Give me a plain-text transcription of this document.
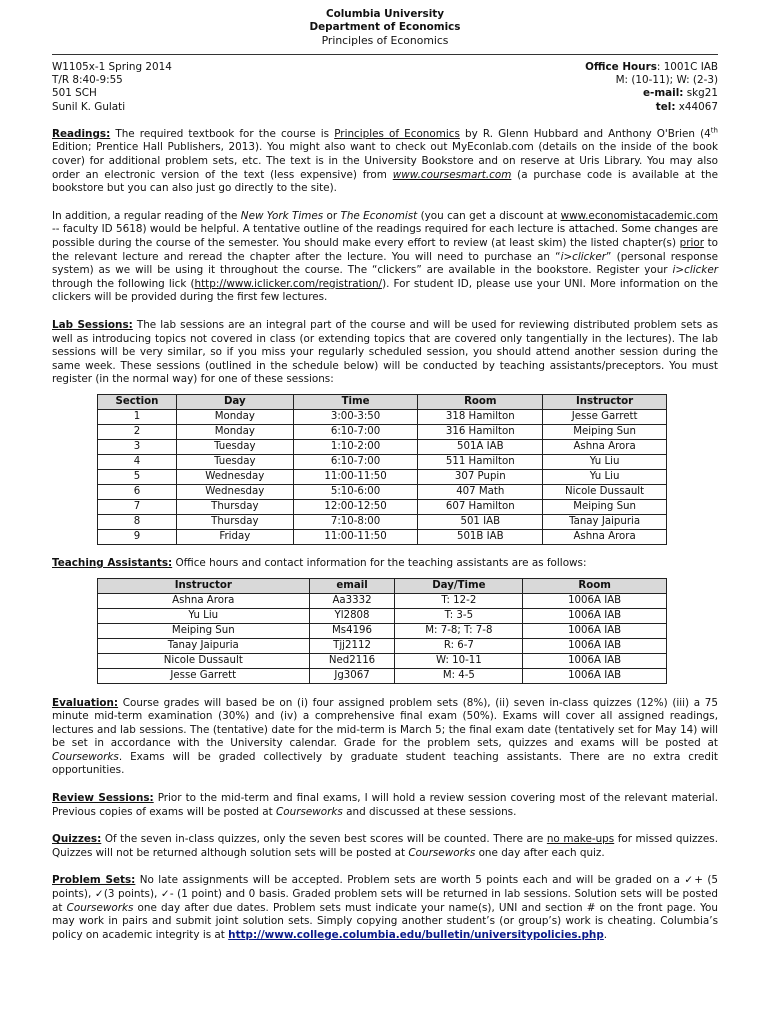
Columbia University
Department of Economics
Principles of Economics
W1105x-1 Spring 2014
T/R 8:40-9:55
501 SCH
Sunil K. Gulati
Office Hours: 1001C IAB
M: (10-11); W: (2-3)
e-mail: skg21
tel: x44067

Readings: The required textbook for the course is Principles of Economics by R. Glenn Hubbard and Anthony O'Brien (4th Edition; Prentice Hall Publishers, 2013). You might also want to check out MyEconlab.com (details on the inside of the book cover) for additional problem sets, etc. The text is in the University Bookstore and on reserve at Uris Library. You may also order an electronic version of the text (less expensive) from www.coursesmart.com (a purchase code is available at the bookstore but you can also just go directly to the site).

In addition, a regular reading of the New York Times or The Economist (you can get a discount at www.economistacademic.com -- faculty ID 5618) would be helpful. A tentative outline of the readings required for each lecture is attached. Some changes are possible during the course of the semester. You should make every effort to review (at least skim) the listed chapter(s) prior to the relevant lecture and reread the chapter after the lecture. You will need to purchase an “i>clicker” (personal response system) as we will be using it throughout the course. The “clickers” are available in the bookstore. Register your i>clicker through the following lick (http://www.iclicker.com/registration/). For student ID, please use your UNI. More information on the clickers will be provided during the first few lectures.

Lab Sessions: The lab sessions are an integral part of the course and will be used for reviewing distributed problem sets as well as introducing topics not covered in class (or extending topics that are covered only tangentially in the lectures). The lab sessions will be very similar, so if you miss your regularly scheduled session, you should attend another session during the same week. These sessions (outlined in the schedule below) will be conducted by teaching assistants/preceptors. You must register (in the normal way) for one of these sessions:

Section	Day	Time	Room	Instructor
1	Monday	3:00-3:50	318 Hamilton	Jesse Garrett
2	Monday	6:10-7:00	316 Hamilton	Meiping Sun
3	Tuesday	1:10-2:00	501A IAB	Ashna Arora
4	Tuesday	6:10-7:00	511 Hamilton	Yu Liu
5	Wednesday	11:00-11:50	307 Pupin	Yu Liu
6	Wednesday	5:10-6:00	407 Math	Nicole Dussault
7	Thursday	12:00-12:50	607 Hamilton	Meiping Sun
8	Thursday	7:10-8:00	501 IAB	Tanay Jaipuria
9	Friday	11:00-11:50	501B IAB	Ashna Arora

Teaching Assistants: Office hours and contact information for the teaching assistants are as follows:

Instructor	email	Day/Time	Room
Ashna Arora	Aa3332	T: 12-2	1006A IAB
Yu Liu	Yl2808	T: 3-5	1006A IAB
Meiping Sun	Ms4196	M: 7-8; T: 7-8	1006A IAB
Tanay Jaipuria	Tjj2112	R: 6-7	1006A IAB
Nicole Dussault	Ned2116	W: 10-11	1006A IAB
Jesse Garrett	Jg3067	M: 4-5	1006A IAB

Evaluation: Course grades will based be on (i) four assigned problem sets (8%), (ii) seven in-class quizzes (12%) (iii) a 75 minute mid-term examination (30%) and (iv) a comprehensive final exam (50%). Exams will cover all assigned readings, lectures and lab sessions. The (tentative) date for the mid-term is March 5; the final exam date (tentatively set for May 14) will be set in accordance with the University calendar. Grade for the problem sets, quizzes and exams will be posted at Courseworks. Exams will be graded collectively by graduate student teaching assistants. There are no extra credit opportunities.

Review Sessions: Prior to the mid-term and final exams, I will hold a review session covering most of the relevant material. Previous copies of exams will be posted at Courseworks and discussed at these sessions.

Quizzes: Of the seven in-class quizzes, only the seven best scores will be counted. There are no make-ups for missed quizzes. Quizzes will not be returned although solution sets will be posted at Courseworks one day after each quiz.

Problem Sets: No late assignments will be accepted. Problem sets are worth 5 points each and will be graded on a ✓+ (5 points), ✓(3 points), ✓- (1 point) and 0 basis. Graded problem sets will be returned in lab sessions. Solution sets will be posted at Courseworks one day after due dates. Problem sets must indicate your name(s), UNI and section # on the front page. You may work in pairs and submit joint solution sets. Simply copying another student’s (or group’s) work is cheating. Columbia’s policy on academic integrity is at http://www.college.columbia.edu/bulletin/universitypolicies.php.
